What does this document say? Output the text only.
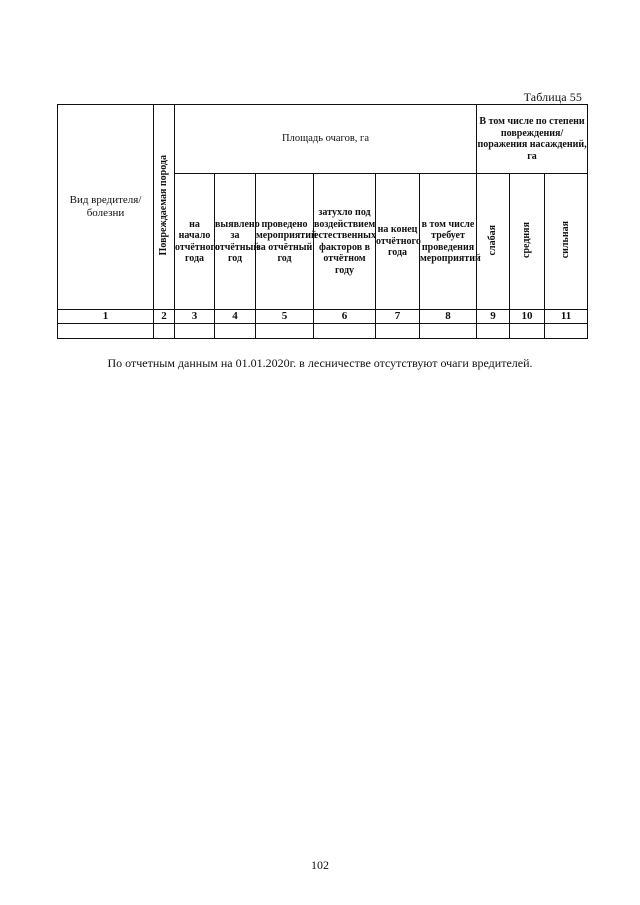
Таблица 55
Вид вредителя/болезни	Повреждаемая порода	Площадь очагов, га						В том числе по степени повреждения/поражения насаждений, га		
		на начало отчётного года	выявлено за отчётный год	проведено мероприятий за отчётный год	затухло под воздействием естественных факторов в отчётном году	на конец отчётного года	в том числе требует проведения мероприятий	слабая	средняя	сильная
1	2	3	4	5	6	7	8	9	10	11

По отчетным данным на 01.01.2020г. в лесничестве отсутствуют очаги вредителей.
102
